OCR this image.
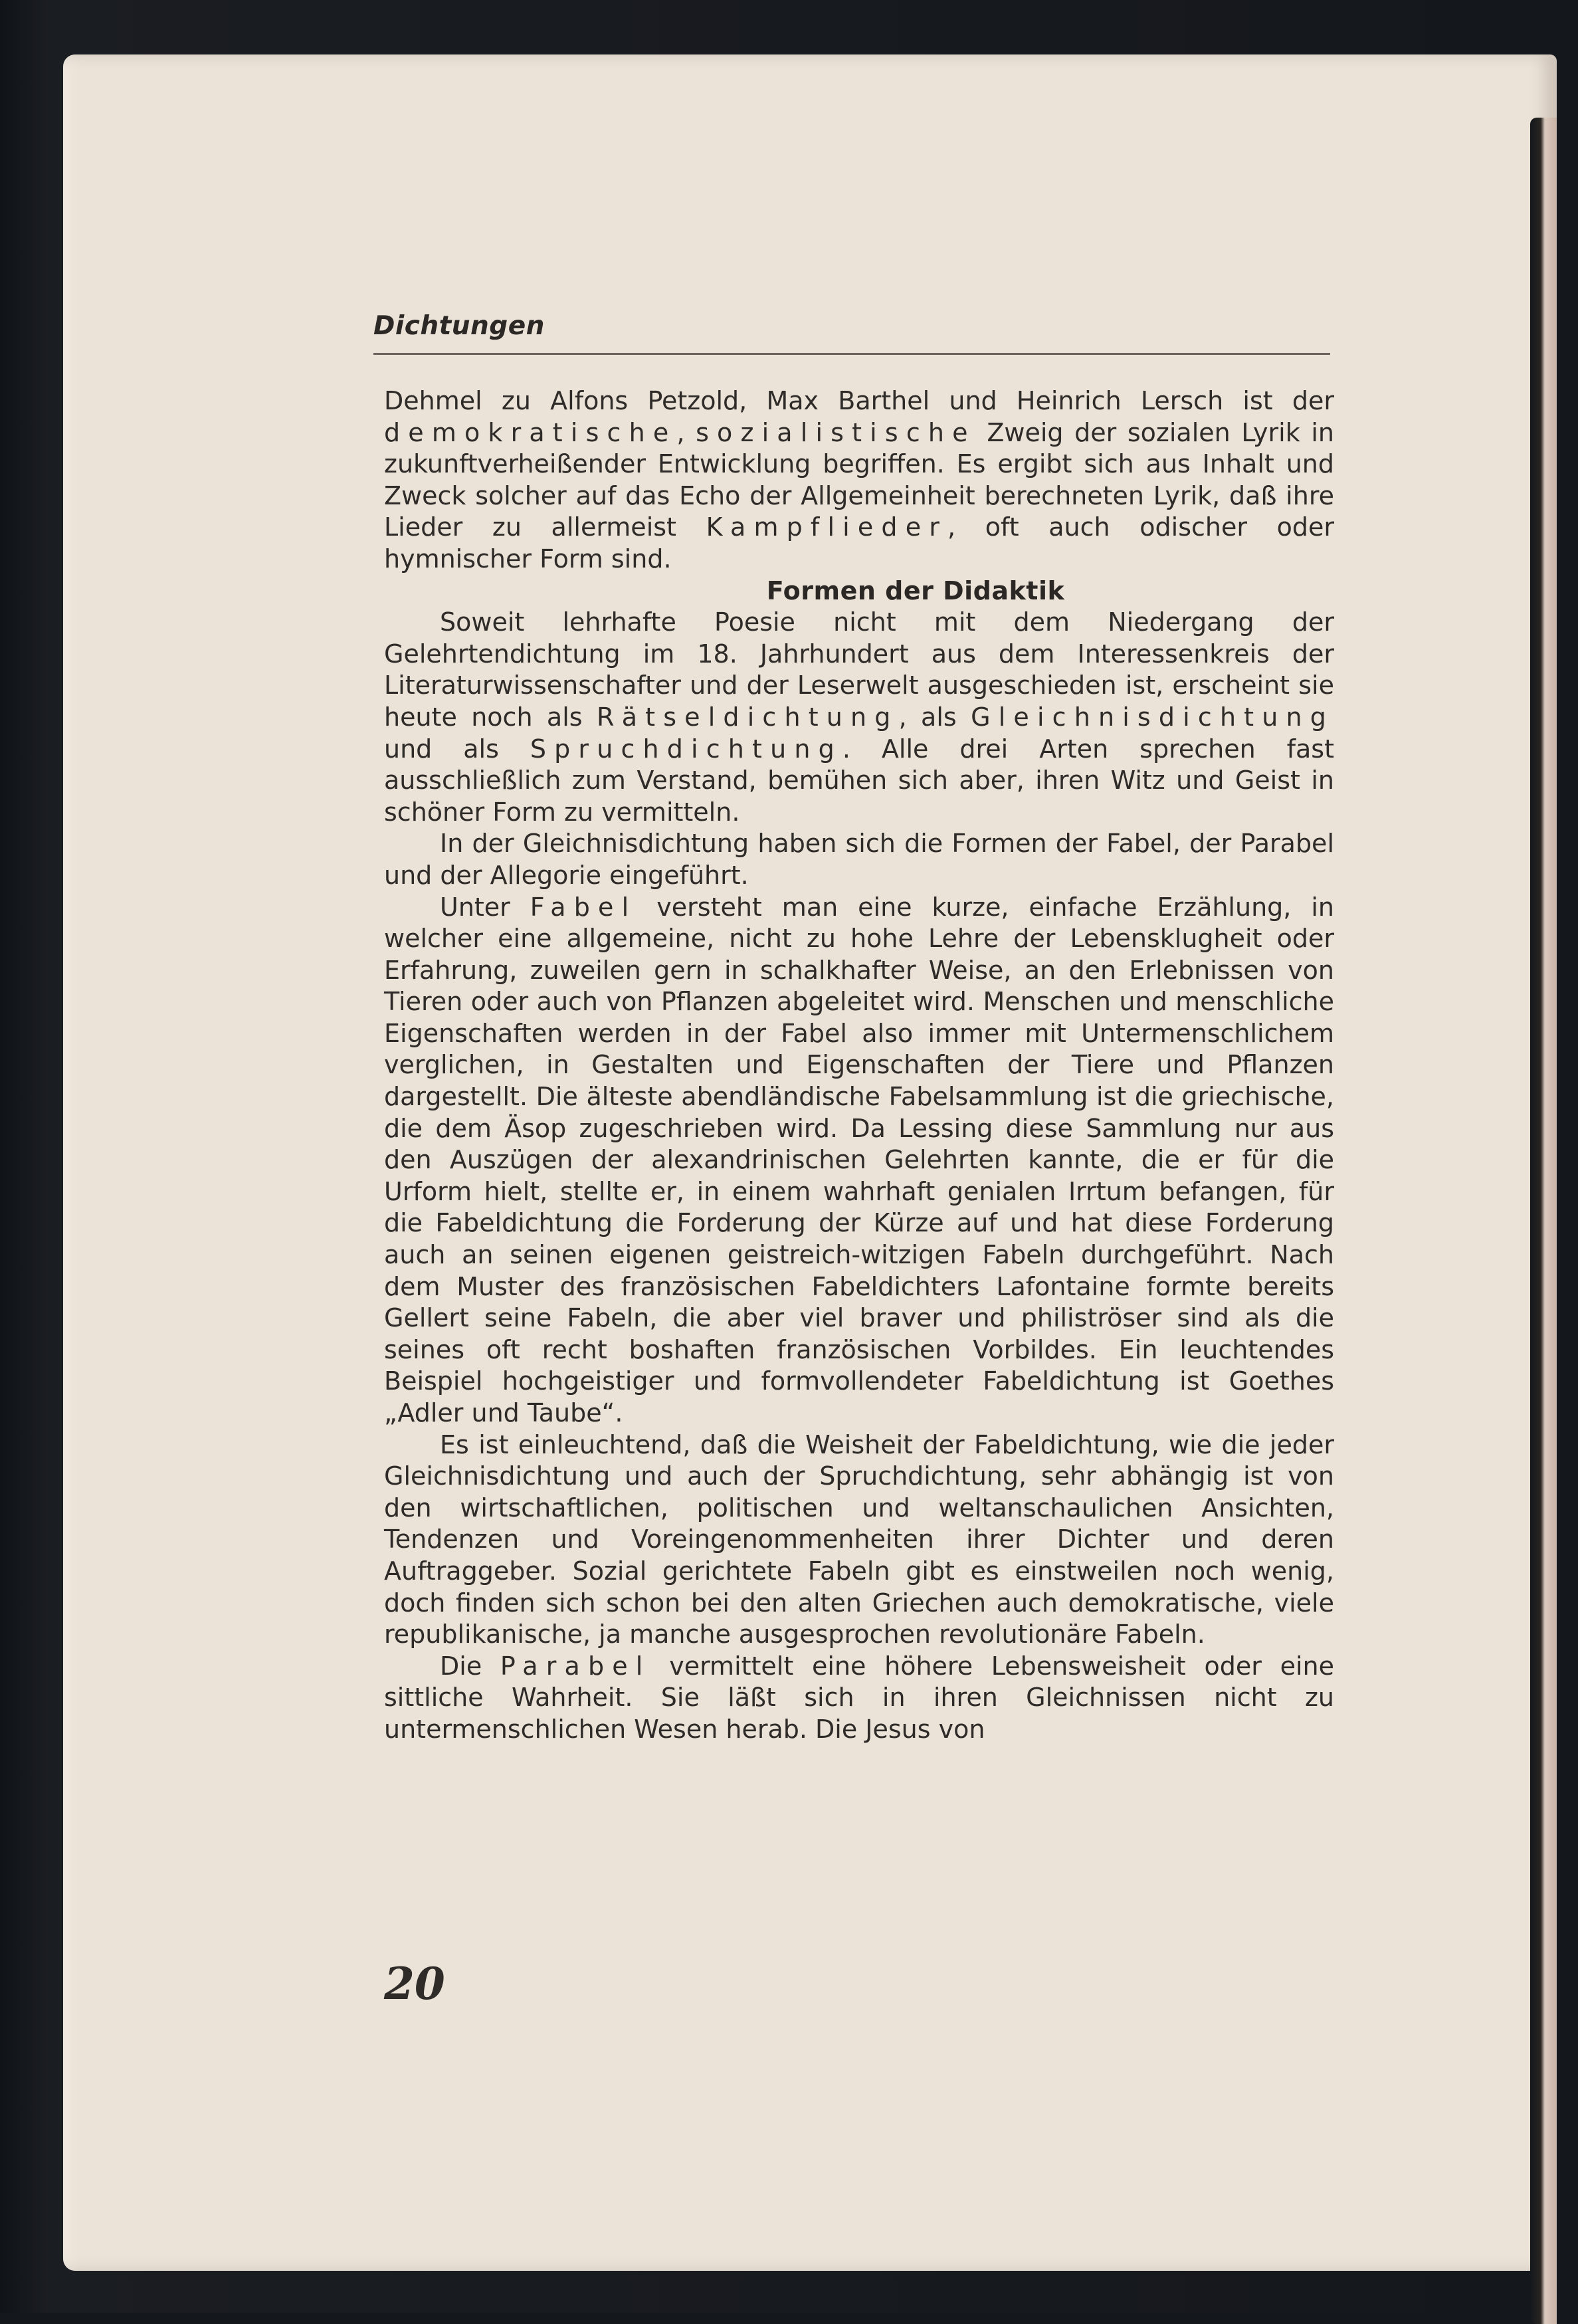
Dichtungen

Dehmel zu Alfons Petzold, Max Barthel und Heinrich Lersch ist der demokratische, sozialistische Zweig der sozialen Lyrik in zukunftverheißender Entwicklung begriffen. Es ergibt sich aus Inhalt und Zweck solcher auf das Echo der Allgemeinheit berechneten Lyrik, daß ihre Lieder zu allermeist Kampflieder, oft auch odischer oder hymnischer Form sind.

Formen der Didaktik

Soweit lehrhafte Poesie nicht mit dem Niedergang der Gelehrtendichtung im 18. Jahrhundert aus dem Interessenkreis der Literaturwissenschafter und der Leserwelt ausgeschieden ist, erscheint sie heute noch als Rätseldichtung, als Gleichnisdichtung und als Spruchdichtung. Alle drei Arten sprechen fast ausschließlich zum Verstand, bemühen sich aber, ihren Witz und Geist in schöner Form zu vermitteln.

In der Gleichnisdichtung haben sich die Formen der Fabel, der Parabel und der Allegorie eingeführt.

Unter Fabel versteht man eine kurze, einfache Erzählung, in welcher eine allgemeine, nicht zu hohe Lehre der Lebensklugheit oder Erfahrung, zuweilen gern in schalkhafter Weise, an den Erlebnissen von Tieren oder auch von Pflanzen abgeleitet wird. Menschen und menschliche Eigenschaften werden in der Fabel also immer mit Untermenschlichem verglichen, in Gestalten und Eigenschaften der Tiere und Pflanzen dargestellt. Die älteste abendländische Fabelsammlung ist die griechische, die dem Äsop zugeschrieben wird. Da Lessing diese Sammlung nur aus den Auszügen der alexandrinischen Gelehrten kannte, die er für die Urform hielt, stellte er, in einem wahrhaft genialen Irrtum befangen, für die Fabeldichtung die Forderung der Kürze auf und hat diese Forderung auch an seinen eigenen geistreich-witzigen Fabeln durchgeführt. Nach dem Muster des französischen Fabeldichters Lafontaine formte bereits Gellert seine Fabeln, die aber viel braver und philiströser sind als die seines oft recht boshaften französischen Vorbildes. Ein leuchtendes Beispiel hochgeistiger und formvollendeter Fabeldichtung ist Goethes „Adler und Taube“.

Es ist einleuchtend, daß die Weisheit der Fabeldichtung, wie die jeder Gleichnisdichtung und auch der Spruchdichtung, sehr abhängig ist von den wirtschaftlichen, politischen und weltanschaulichen Ansichten, Tendenzen und Voreingenommenheiten ihrer Dichter und deren Auftraggeber. Sozial gerichtete Fabeln gibt es einstweilen noch wenig, doch finden sich schon bei den alten Griechen auch demokratische, viele republikanische, ja manche ausgesprochen revolutionäre Fabeln.

Die Parabel vermittelt eine höhere Lebensweisheit oder eine sittliche Wahrheit. Sie läßt sich in ihren Gleichnissen nicht zu untermenschlichen Wesen herab. Die Jesus von

20
